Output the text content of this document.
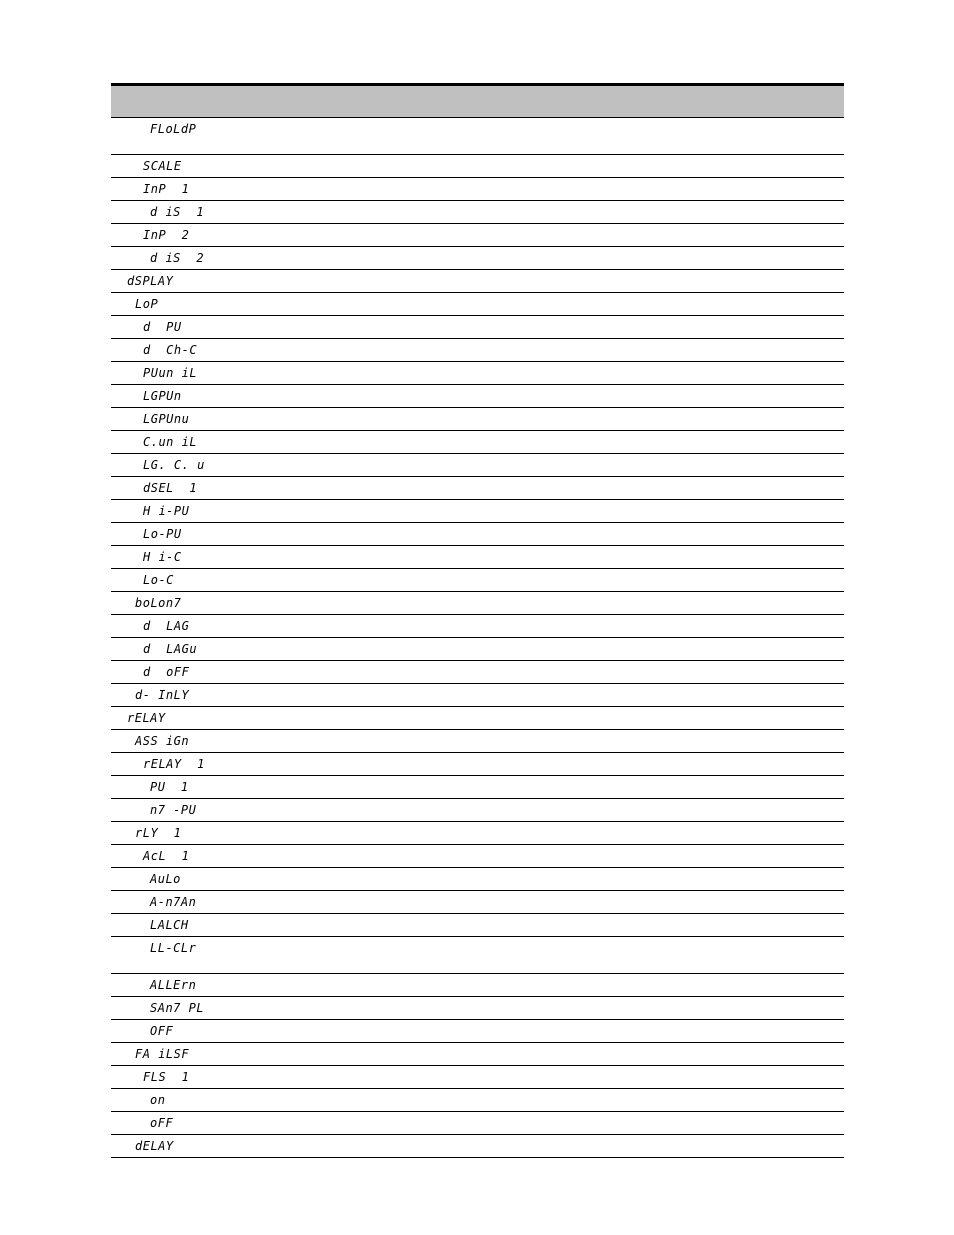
FLoLdP
SCALE
InP  1
d iS  1
InP  2
d iS  2
dSPLAY
LoP
d  PU
d  Ch-C
PUun iL
LGPUn
LGPUnu
C.un iL
LG. C. u
dSEL  1
H i-PU
Lo-PU
H i-C
Lo-C
boLon7
d  LAG
d  LAGu
d  oFF
d- InLY
rELAY
ASS iGn
rELAY  1
PU  1
n7 -PU
rLY  1
AcL  1
AuLo
A-n7An
LALCH
LL-CLr
ALLErn
SAn7 PL
OFF
FA iLSF
FLS  1
on
oFF
dELAY
